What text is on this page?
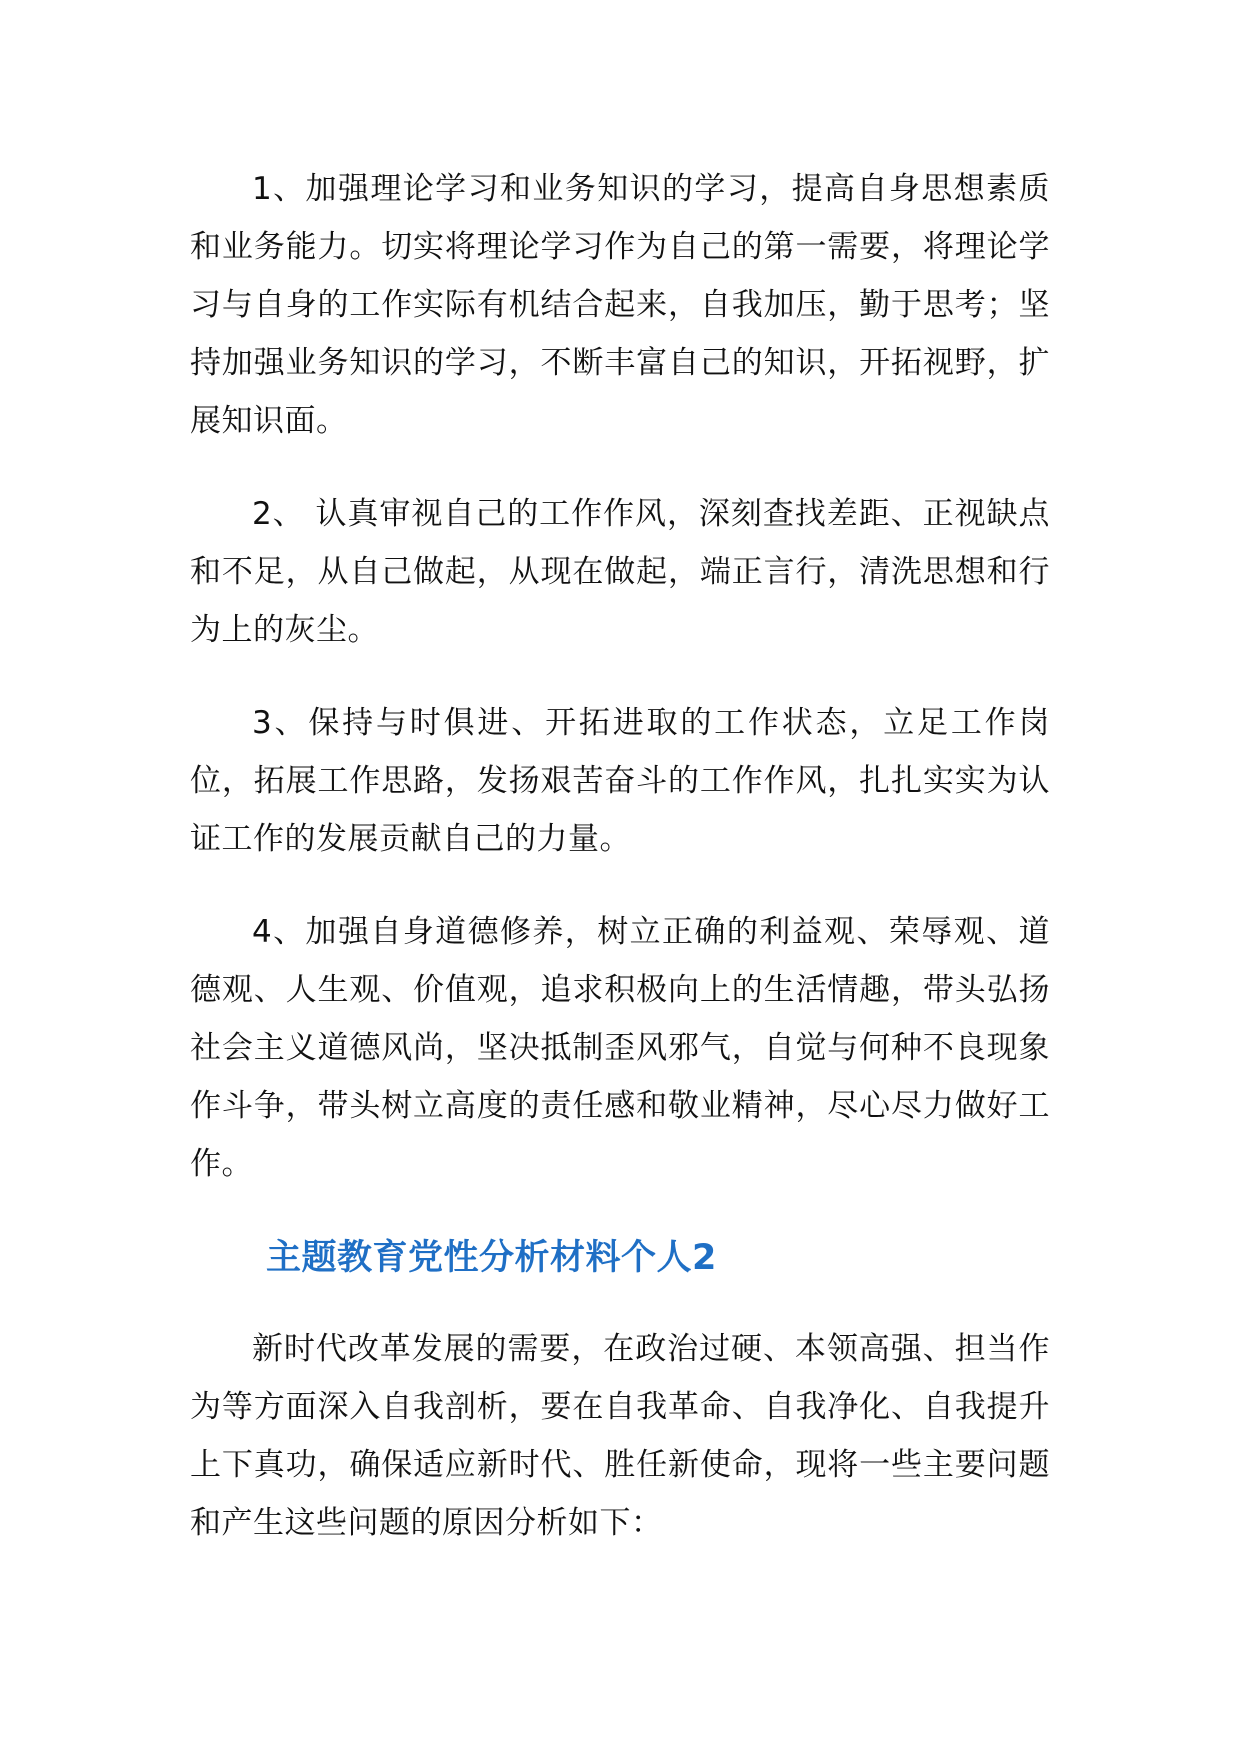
1、加强理论学习和业务知识的学习，提高自身思想素质和业务能力。切实将理论学习作为自己的第一需要，将理论学习与自身的工作实际有机结合起来，自我加压，勤于思考；坚持加强业务知识的学习，不断丰富自己的知识，开拓视野，扩展知识面。

2、 认真审视自己的工作作风，深刻查找差距、正视缺点和不足，从自己做起，从现在做起，端正言行，清洗思想和行为上的灰尘。

3、保持与时俱进、开拓进取的工作状态，立足工作岗位，拓展工作思路，发扬艰苦奋斗的工作作风，扎扎实实为认证工作的发展贡献自己的力量。

4、加强自身道德修养，树立正确的利益观、荣辱观、道德观、人生观、价值观，追求积极向上的生活情趣，带头弘扬社会主义道德风尚，坚决抵制歪风邪气，自觉与何种不良现象作斗争，带头树立高度的责任感和敬业精神，尽心尽力做好工作。

主题教育党性分析材料个人2

新时代改革发展的需要，在政治过硬、本领高强、担当作为等方面深入自我剖析，要在自我革命、自我净化、自我提升上下真功，确保适应新时代、胜任新使命，现将一些主要问题和产生这些问题的原因分析如下：
